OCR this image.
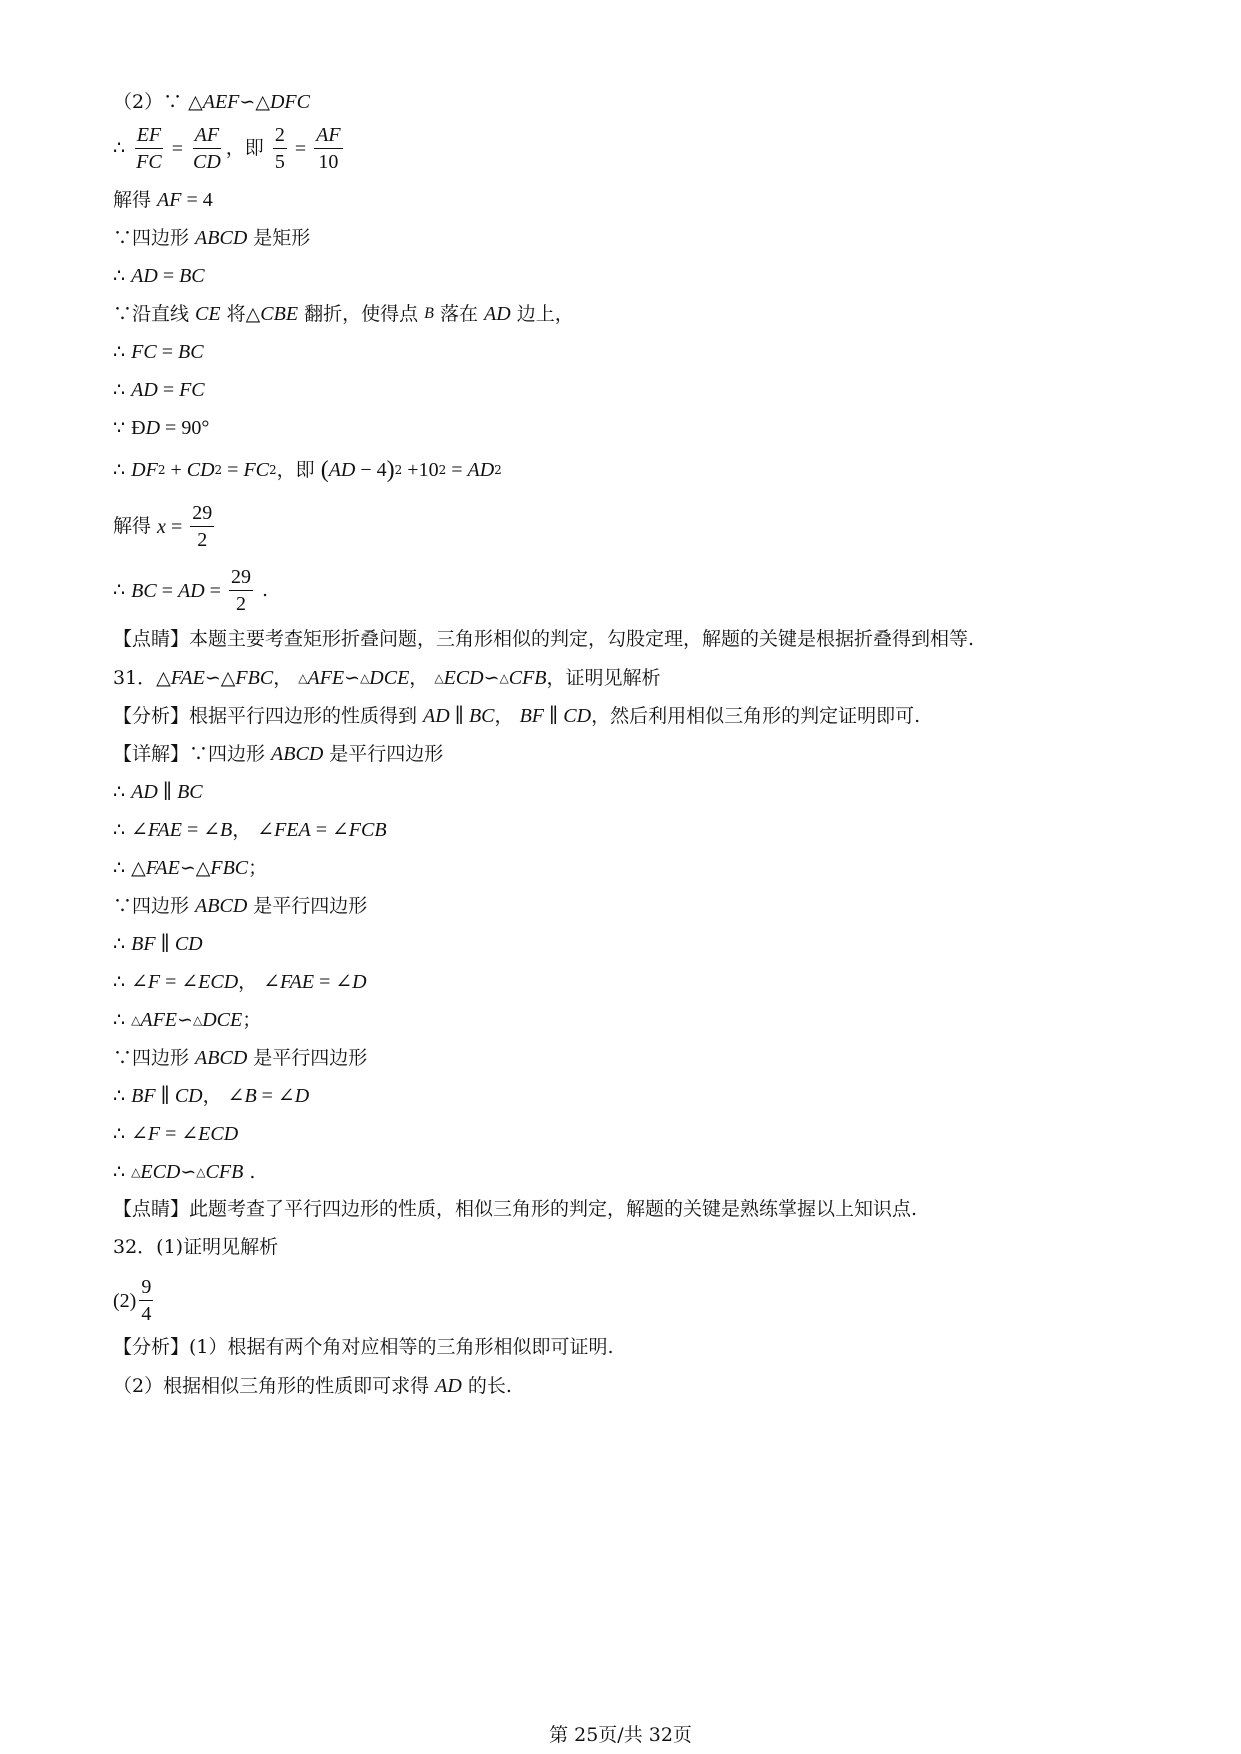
（2）∵ △ AEF ∽△ DFC
∴ $\frac{EF}{FC} = \frac{AF}{CD}$ ，即 $\frac{2}{5} = \frac{AF}{10}$
解得 AF = 4
∵四边形 ABCD 是矩形
∴ AD = BC
∵沿直线 CE 将△ CBE 翻折，使得点 B 落在 AD 边上，
∴ FC = BC
∴ AD = FC
∵ Ð D = 90°
∴ DF 2 + CD 2 = FC 2 ，即 ( AD − 4 ) 2 +10 2 = AD 2
解得 $x = \frac{29}{2}$
∴ BC = AD = $\frac{29}{2}$ .
【点睛】本题主要考查矩形折叠问题，三角形相似的判定，勾股定理，解题的关键是根据折叠得到相等.
31．△ FAE ∽△ FBC ， △ AFE ∽ △ DCE ， △ ECD ∽ △ CFB ，证明见解析
【分析】根据平行四边形的性质得到 AD ∥ BC ， BF ∥ CD ，然后利用相似三角形的判定证明即可.
【详解】∵四边形 ABCD 是平行四边形
∴ AD ∥ BC
∴ ∠ FAE = ∠ B ， ∠ FEA = ∠ FCB
∴ △ FAE ∽△ FBC ；
∵四边形 ABCD 是平行四边形
∴ BF ∥ CD
∴ ∠ F = ∠ ECD ， ∠ FAE = ∠ D
∴ △ AFE ∽ △ DCE ；
∵四边形 ABCD 是平行四边形
∴ BF ∥ CD ， ∠ B = ∠ D
∴ ∠ F = ∠ ECD
∴ △ ECD ∽ △ CFB .
【点睛】此题考查了平行四边形的性质，相似三角形的判定，解题的关键是熟练掌握以上知识点.
32．(1)证明见解析
$(2) \frac{9}{4}$
【分析】(1）根据有两个角对应相等的三角形相似即可证明.
（2）根据相似三角形的性质即可求得 AD 的长.
第 25页/共 32页
